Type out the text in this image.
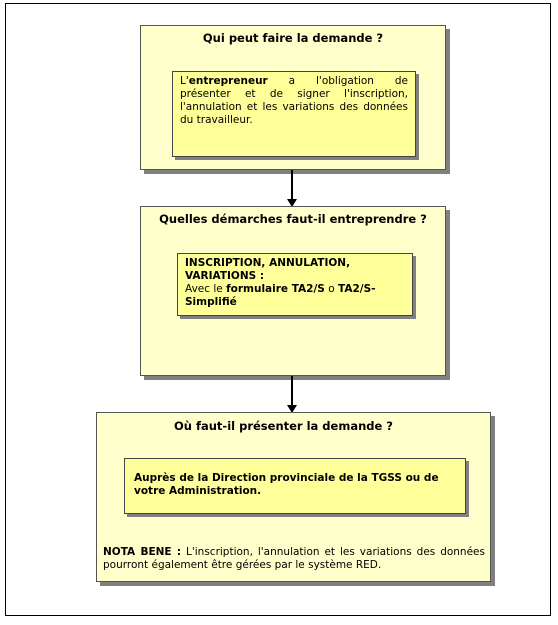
Qui peut faire la demande ?
L'entrepreneur a l'obligation de présenter et de signer l'inscription, l'annulation et les variations des données du travailleur.
Quelles démarches faut-il entreprendre ?
INSCRIPTION, ANNULATION,
VARIATIONS :
Avec le formulaire TA2/S o TA2/S-Simplifié
Où faut-il présenter la demande ?
Auprès de la Direction provinciale de la TGSS ou de votre Administration.
NOTA BENE : L'inscription, l'annulation et les variations des données pourront également être gérées par le système RED.
